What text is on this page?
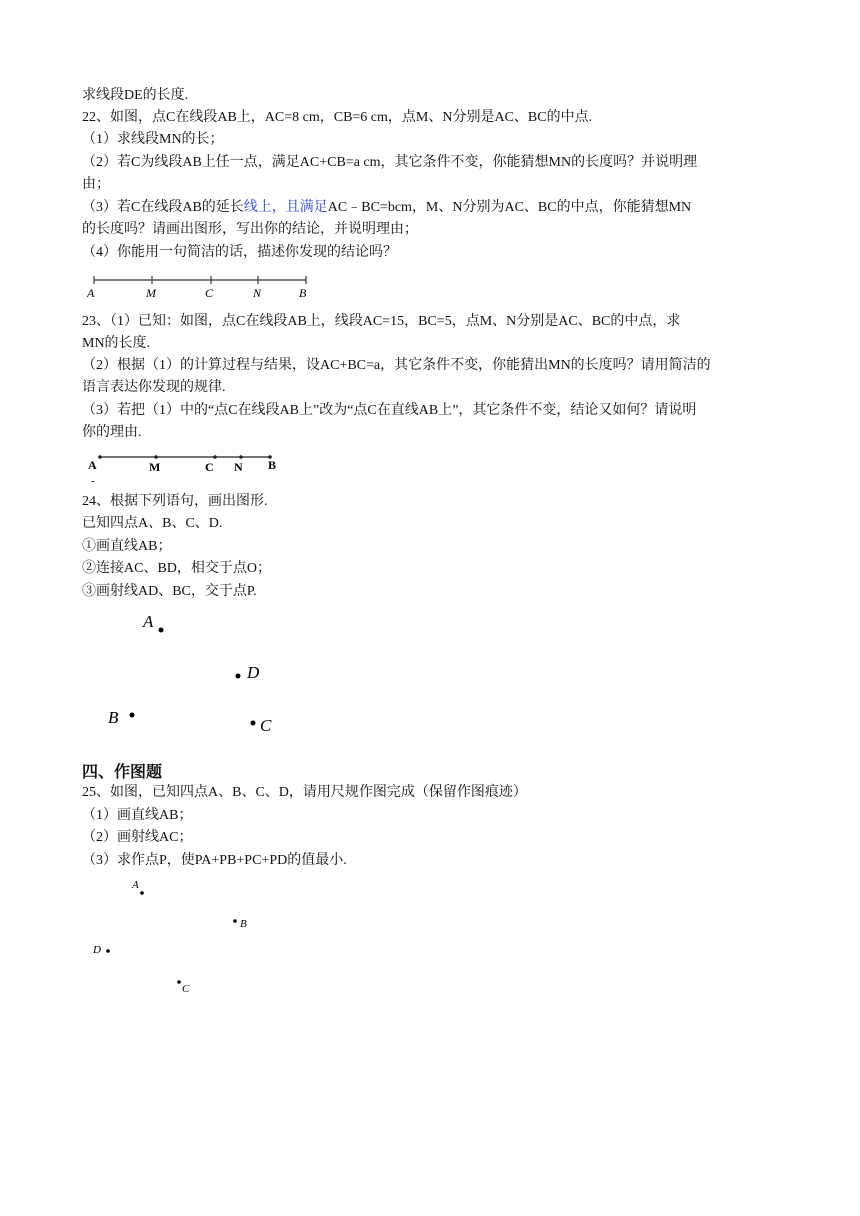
求线段DE的长度.
22、如图，点C在线段AB上，AC=8 cm，CB=6 cm，点M、N分别是AC、BC的中点.
（1）求线段MN的长；
（2）若C为线段AB上任一点，满足AC+CB=a cm，其它条件不变，你能猜想MN的长度吗？并说明理
由；
（3）若C在线段AB的延长线上，且满足AC﹣BC=bcm，M、N分别为AC、BC的中点，你能猜想MN
的长度吗？请画出图形，写出你的结论，并说明理由；
（4）你能用一句简洁的话，描述你发现的结论吗？
A	M	C	N	B
23、（1）已知：如图，点C在线段AB上，线段AC=15，BC=5，点M、N分别是AC、BC的中点，求
MN的长度.
（2）根据（1）的计算过程与结果，设AC+BC=a，其它条件不变，你能猜出MN的长度吗？请用简洁的
语言表达你发现的规律.
（3）若把（1）中的“点C在线段AB上”改为“点C在直线AB上”，其它条件不变，结论又如何？请说明
你的理由.
A	M	C N B
-
24、根据下列语句，画出图形.
已知四点A、B、C、D.
①画直线AB；
②连接AC、BD，相交于点O；
③画射线AD、BC，交于点P.
A
D
B	C
四、作图题
25、如图，已知四点A、B、C、D，请用尺规作图完成（保留作图痕迹）
（1）画直线AB；
（2）画射线AC；
（3）求作点P，使PA+PB+PC+PD的值最小.
A
B
D
C
